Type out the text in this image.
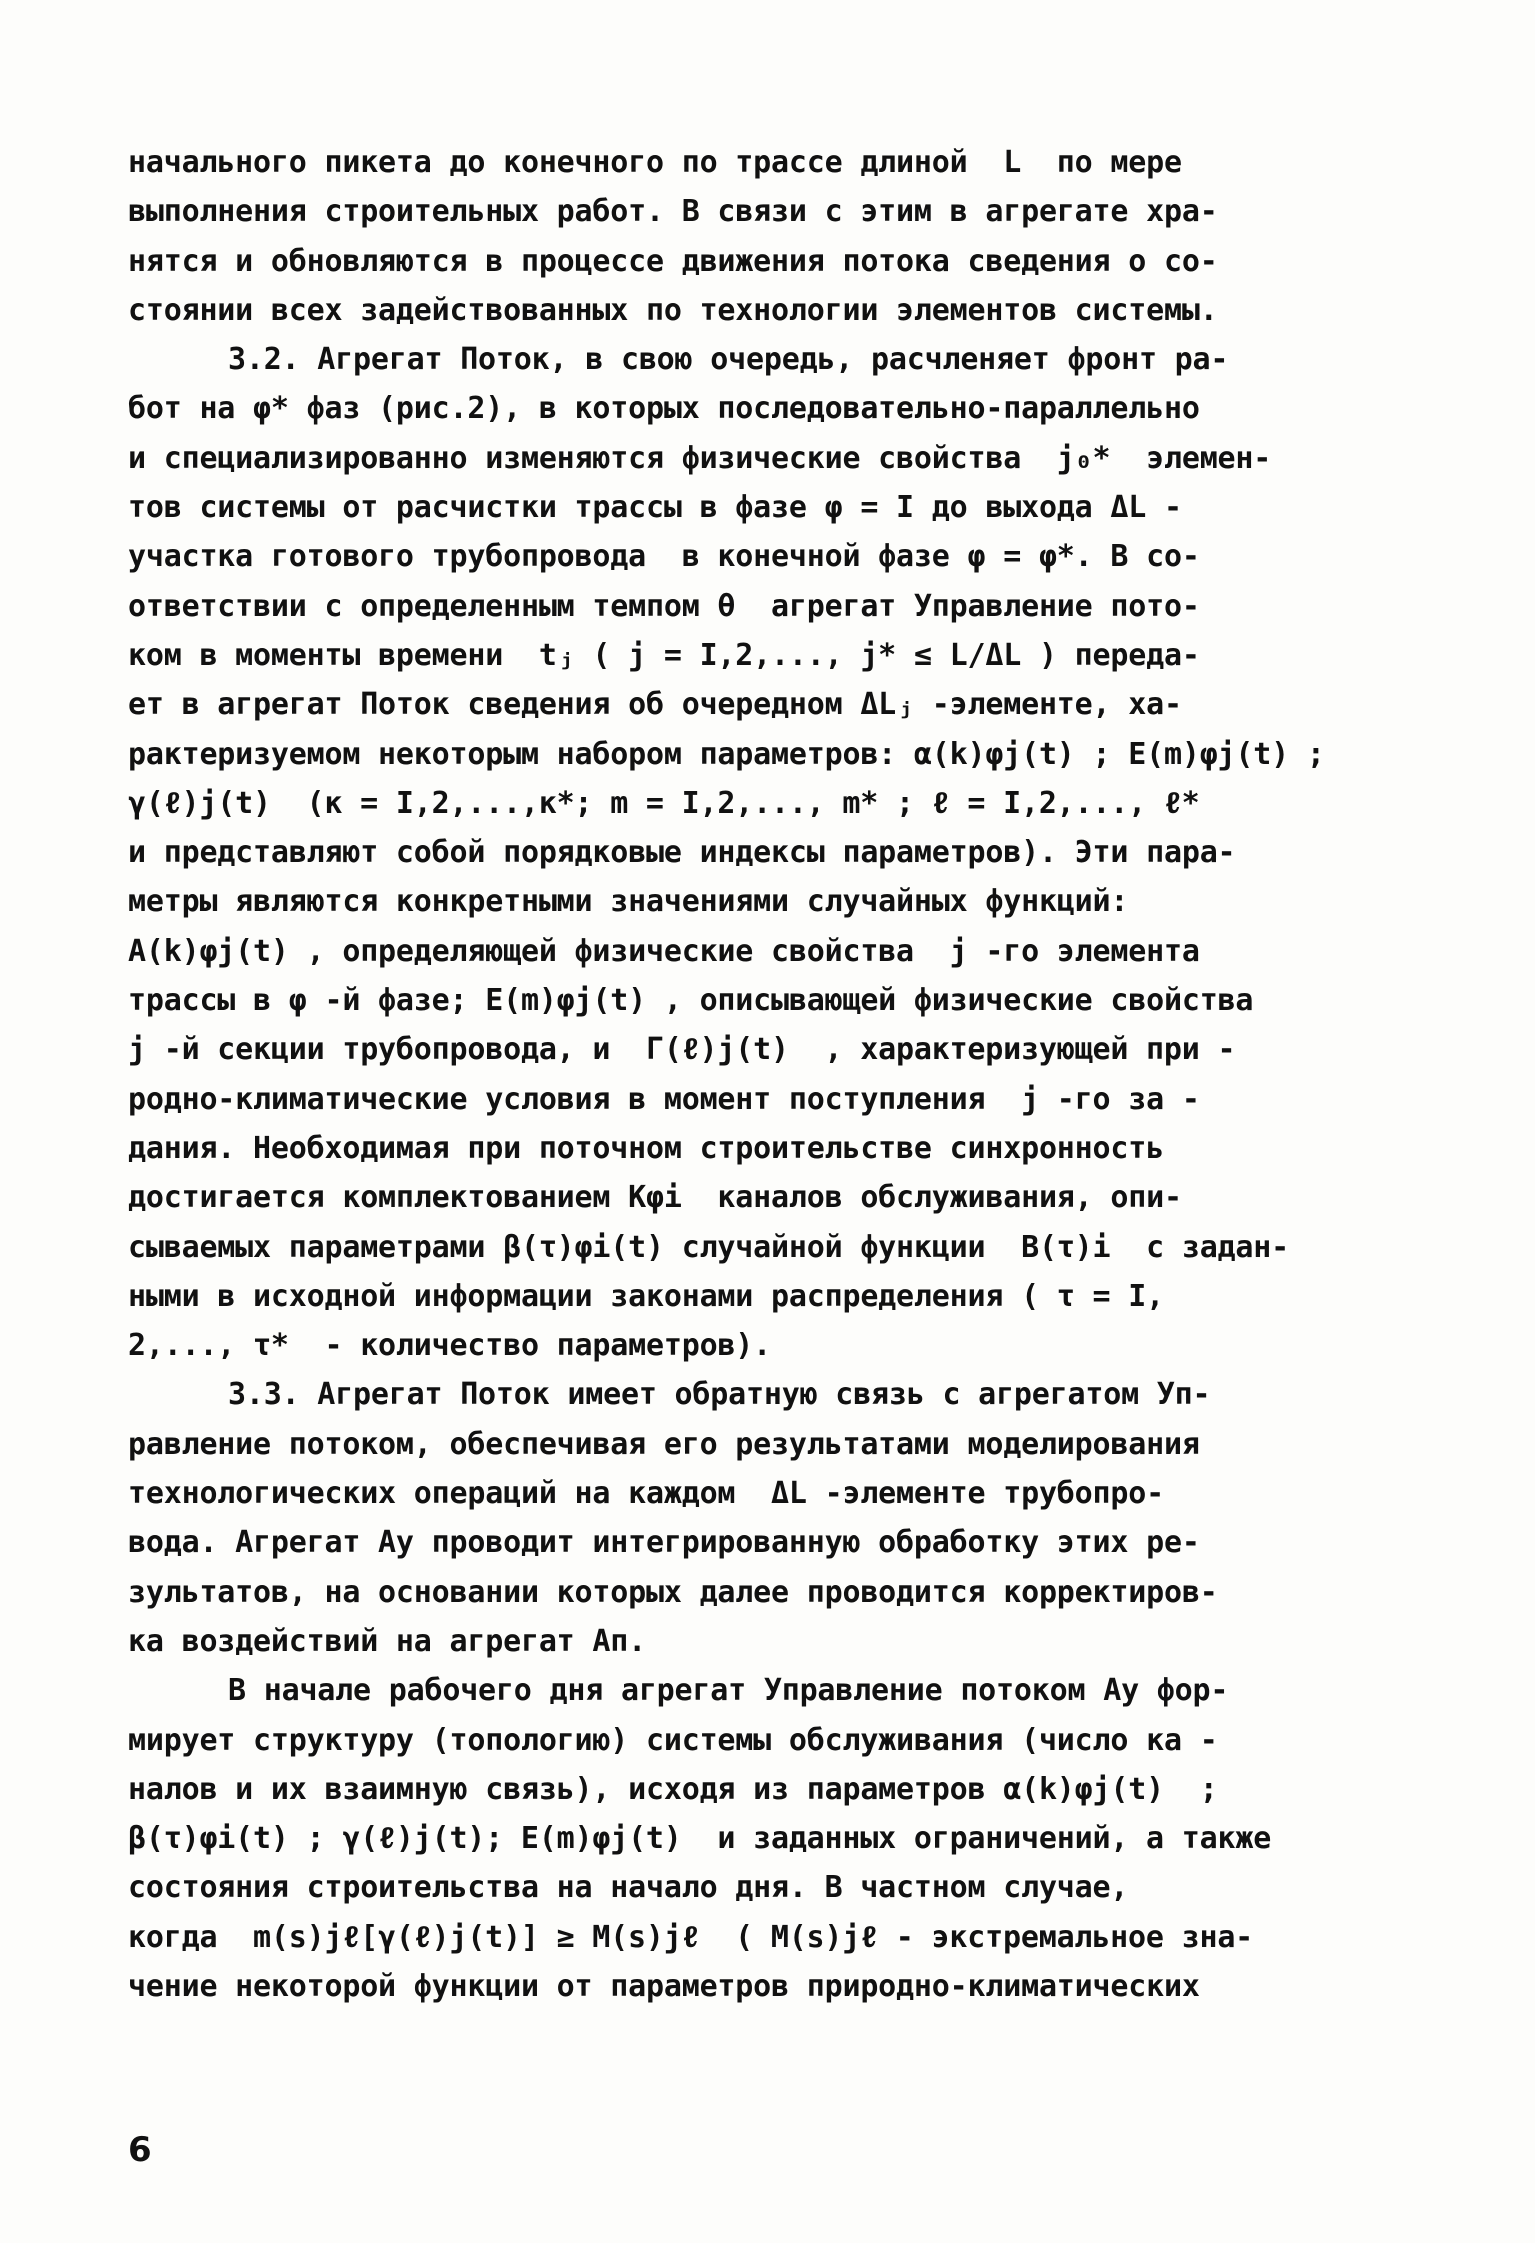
начального пикета до конечного по трассе длиной  L  по мере
выполнения строительных работ. В связи с этим в агрегате хра-
нятся и обновляются в процессе движения потока сведения о со-
стоянии всех задействованных по технологии элементов системы.
3.2. Агрегат Поток, в свою очередь, расчленяет фронт ра-
бот на φ* фаз (рис.2), в которых последовательно-параллельно
и специализированно изменяются физические свойства  j₀*  элемен-
тов системы от расчистки трассы в фазе φ = I до выхода ΔL -
участка готового трубопровода  в конечной фазе φ = φ*. В со-
ответствии с определенным темпом θ  агрегат Управление пото-
ком в моменты времени  tⱼ ( j = I,2,..., j* ≤ L/ΔL ) переда-
ет в агрегат Поток сведения об очередном ΔLⱼ -элементе, ха-
рактеризуемом некоторым набором параметров: α(k)φj(t) ; E(m)φj(t) ;
γ(ℓ)j(t)  (к = I,2,...,к*; m = I,2,..., m* ; ℓ = I,2,..., ℓ*
и представляют собой порядковые индексы параметров). Эти пара-
метры являются конкретными значениями случайных функций:
A(k)φj(t) , определяющей физические свойства  j -го элемента
трассы в φ -й фазе; E(m)φj(t) , описывающей физические свойства
j -й секции трубопровода, и  Γ(ℓ)j(t)  , характеризующей при -
родно-климатические условия в момент поступления  j -го за -
дания. Необходимая при поточном строительстве синхронность
достигается комплектованием Kφi  каналов обслуживания, опи-
сываемых параметрами β(τ)φi(t) случайной функции  B(τ)i  с задан-
ными в исходной информации законами распределения ( τ = I,
2,..., τ*  - количество параметров).
3.3. Агрегат Поток имеет обратную связь с агрегатом Уп-
равление потоком, обеспечивая его результатами моделирования
технологических операций на каждом  ΔL -элементе трубопро-
вода. Агрегат Aу проводит интегрированную обработку этих ре-
зультатов, на основании которых далее проводится корректиров-
ка воздействий на агрегат Aп.
В начале рабочего дня агрегат Управление потоком Aу фор-
мирует структуру (топологию) системы обслуживания (число ка -
налов и их взаимную связь), исходя из параметров α(k)φj(t)  ;
β(τ)φi(t) ; γ(ℓ)j(t); E(m)φj(t)  и заданных ограничений, а также
состояния строительства на начало дня. В частном случае,
когда  m(s)jℓ[γ(ℓ)j(t)] ≥ M(s)jℓ  ( M(s)jℓ - экстремальное зна-
чение некоторой функции от параметров природно-климатических
6
